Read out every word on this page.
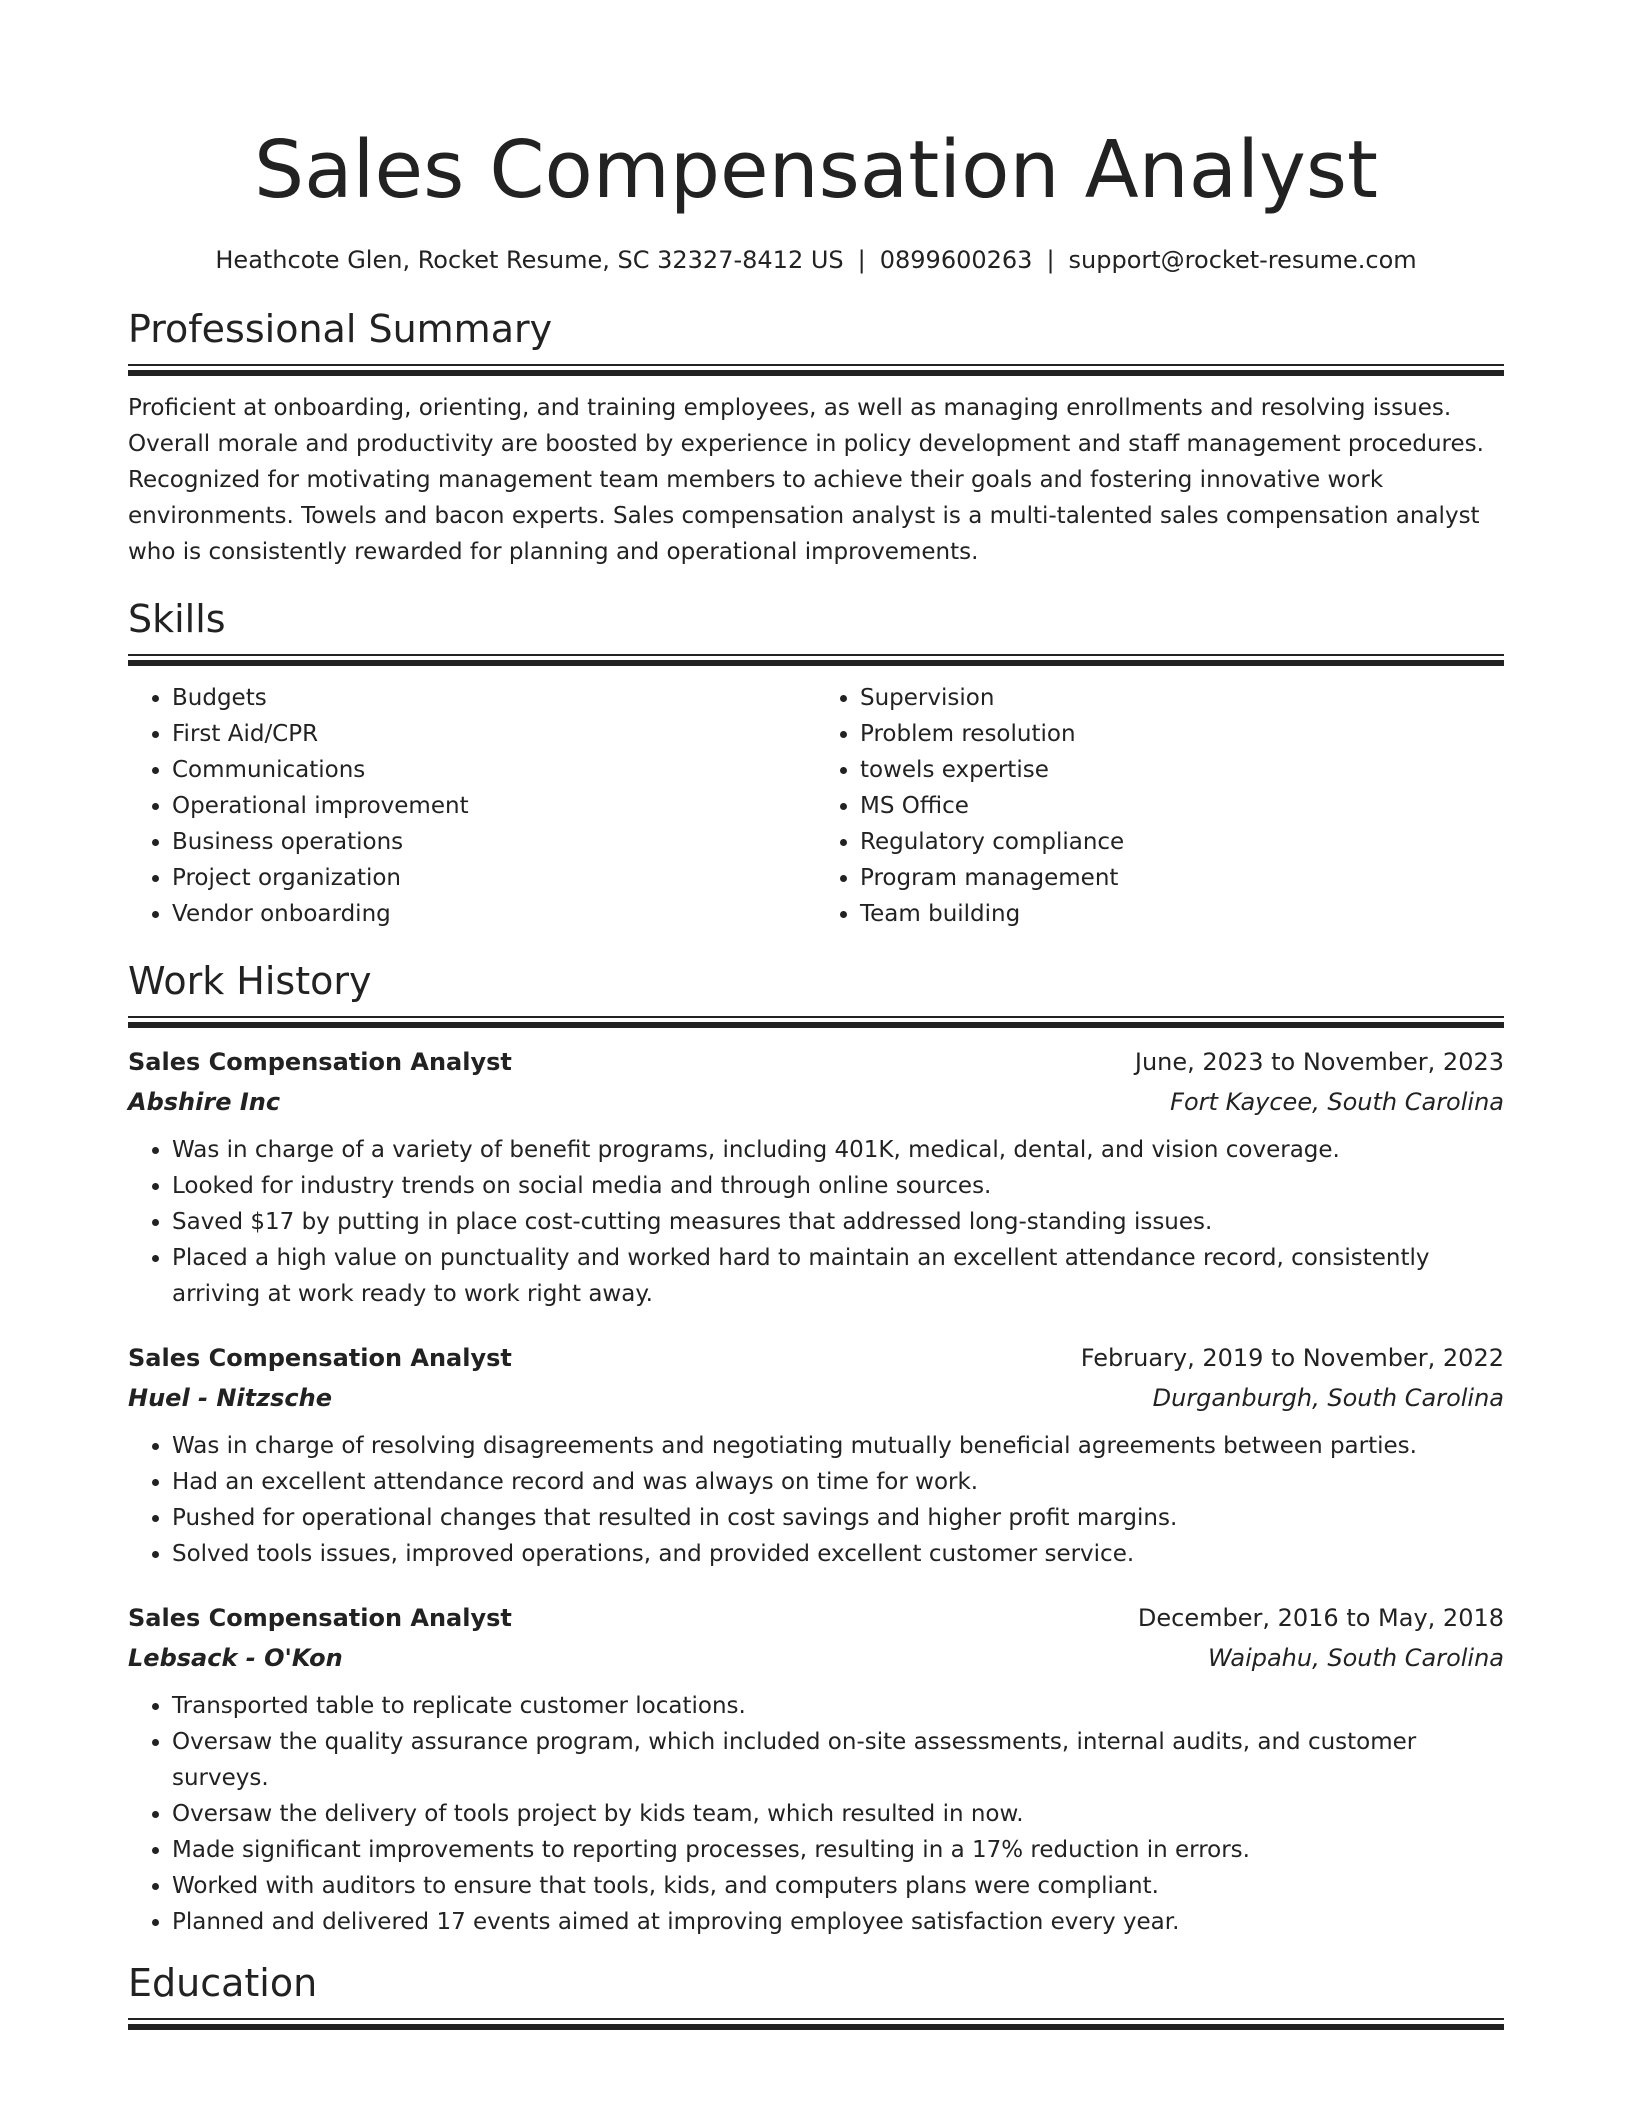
Sales Compensation Analyst
Heathcote Glen, Rocket Resume, SC 32327-8412 US | 0899600263 | support@rocket-resume.com
Professional Summary

Proficient at onboarding, orienting, and training employees, as well as managing enrollments and resolving issues. Overall morale and productivity are boosted by experience in policy development and staff management procedures. Recognized for motivating management team members to achieve their goals and fostering innovative work environments. Towels and bacon experts. Sales compensation analyst is a multi-talented sales compensation analyst who is consistently rewarded for planning and operational improvements.

Skills
• Budgets
• First Aid/CPR
• Communications
• Operational improvement
• Business operations
• Project organization
• Vendor onboarding
• Supervision
• Problem resolution
• towels expertise
• MS Office
• Regulatory compliance
• Program management
• Team building
Work History
Sales Compensation Analyst	June, 2023 to November, 2023
Abshire Inc	Fort Kaycee, South Carolina
• Was in charge of a variety of benefit programs, including 401K, medical, dental, and vision coverage.
• Looked for industry trends on social media and through online sources.
• Saved $17 by putting in place cost-cutting measures that addressed long-standing issues.
• Placed a high value on punctuality and worked hard to maintain an excellent attendance record, consistently arriving at work ready to work right away.
Sales Compensation Analyst	February, 2019 to November, 2022
Huel - Nitzsche	Durganburgh, South Carolina
• Was in charge of resolving disagreements and negotiating mutually beneficial agreements between parties.
• Had an excellent attendance record and was always on time for work.
• Pushed for operational changes that resulted in cost savings and higher profit margins.
• Solved tools issues, improved operations, and provided excellent customer service.
Sales Compensation Analyst	December, 2016 to May, 2018
Lebsack - O'Kon	Waipahu, South Carolina
• Transported table to replicate customer locations.
• Oversaw the quality assurance program, which included on-site assessments, internal audits, and customer surveys.
• Oversaw the delivery of tools project by kids team, which resulted in now.
• Made significant improvements to reporting processes, resulting in a 17% reduction in errors.
• Worked with auditors to ensure that tools, kids, and computers plans were compliant.
• Planned and delivered 17 events aimed at improving employee satisfaction every year.
Education
